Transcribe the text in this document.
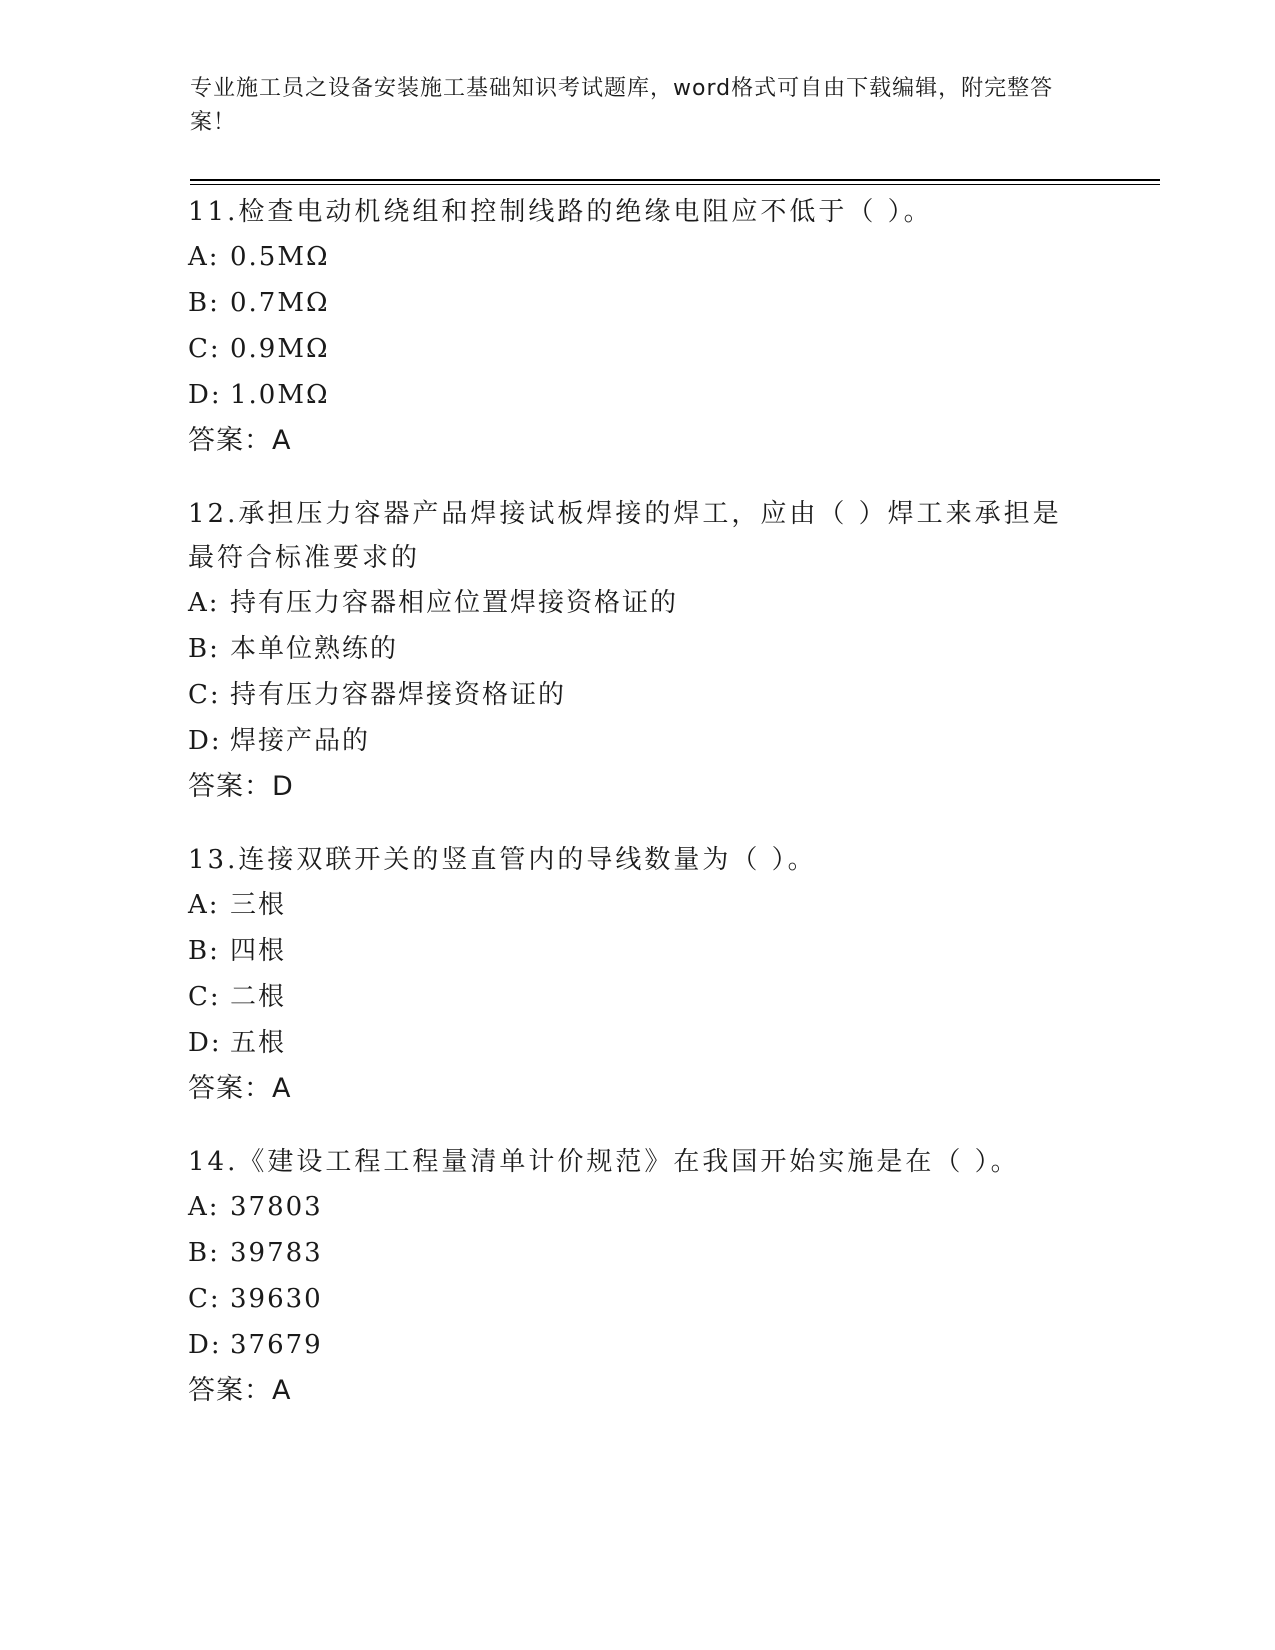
专业施工员之设备安装施工基础知识考试题库，word格式可自由下载编辑，附完整答案！
11.检查电动机绕组和控制线路的绝缘电阻应不低于（ ）。
A: 0.5MΩ
B: 0.7MΩ
C: 0.9MΩ
D: 1.0MΩ
答案：A
12.承担压力容器产品焊接试板焊接的焊工，应由（ ）焊工来承担是最符合标准要求的
A: 持有压力容器相应位置焊接资格证的
B: 本单位熟练的
C: 持有压力容器焊接资格证的
D: 焊接产品的
答案：D
13.连接双联开关的竖直管内的导线数量为（ ）。
A: 三根
B: 四根
C: 二根
D: 五根
答案：A
14.《建设工程工程量清单计价规范》在我国开始实施是在（ ）。
A: 37803
B: 39783
C: 39630
D: 37679
答案：A
